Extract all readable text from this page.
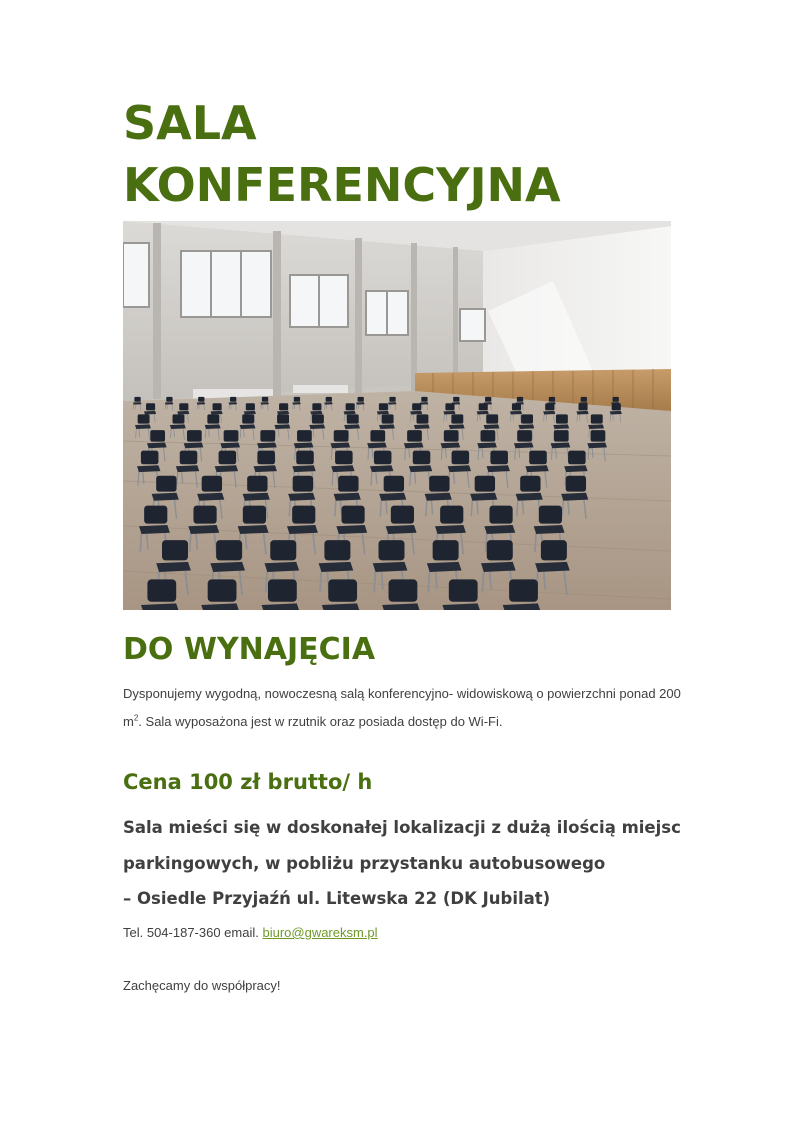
SALA
KONFERENCYJNA
DO WYNAJĘCIA

Dysponujemy wygodną, nowoczesną salą konferencyjno- widowiskową o powierzchni ponad 200 $m^2$. Sala wyposażona jest w rzutnik oraz posiada dostęp do Wi-Fi.

Cena 100 zł brutto/ h

Sala mieści się w doskonałej lokalizacji z dużą ilością miejsc
parkingowych, w pobliżu przystanku autobusowego
– Osiedle Przyjaźń ul. Litewska 22 (DK Jubilat)

Tel. 504-187-360 email. biuro@gwareksm.pl

Zachęcamy do współpracy!
